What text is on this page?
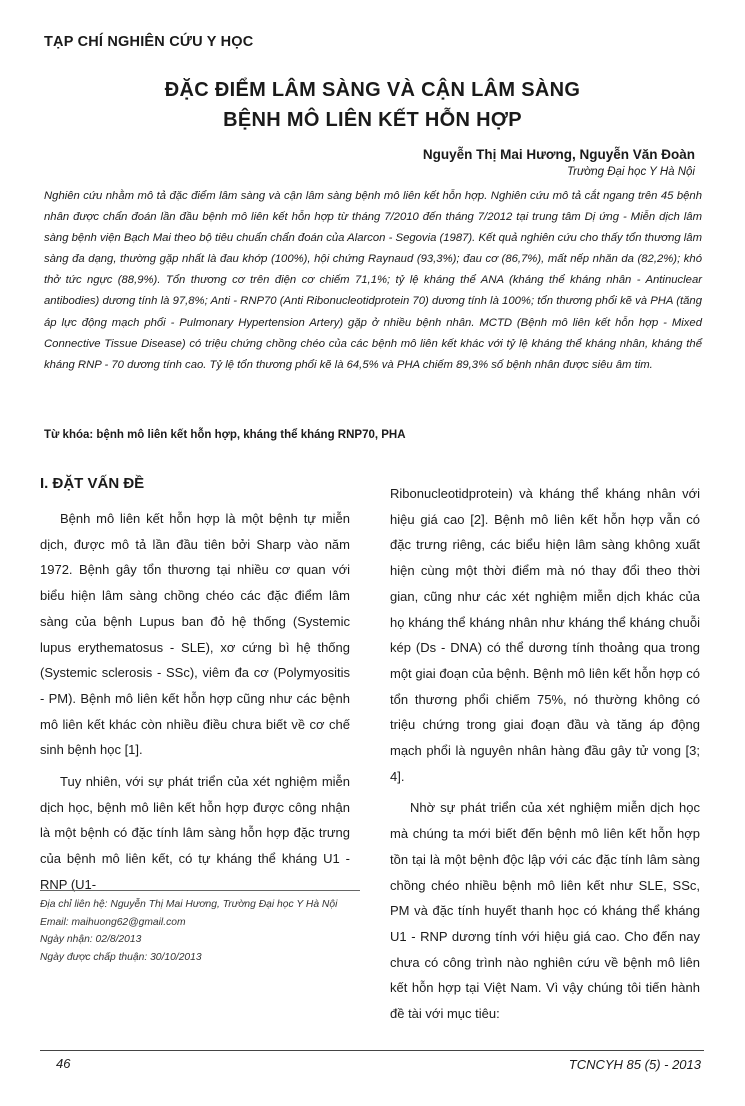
TẠP CHÍ NGHIÊN CỨU Y HỌC
ĐẶC ĐIỂM LÂM SÀNG VÀ CẬN LÂM SÀNG
BỆNH MÔ LIÊN KẾT HỖN HỢP
Nguyễn Thị Mai Hương, Nguyễn Văn Đoàn
Trường Đại học Y Hà Nội
Nghiên cứu nhằm mô tả đặc điểm lâm sàng và cận lâm sàng bệnh mô liên kết hỗn hợp. Nghiên cứu mô tả cắt ngang trên 45 bệnh nhân được chẩn đoán lần đầu bệnh mô liên kết hỗn hợp từ tháng 7/2010 đến tháng 7/2012 tại trung tâm Dị ứng - Miễn dịch lâm sàng bệnh viện Bạch Mai theo bộ tiêu chuẩn chẩn đoán của Alarcon - Segovia (1987). Kết quả nghiên cứu cho thấy tổn thương lâm sàng đa dạng, thường gặp nhất là đau khớp (100%), hội chứng Raynaud (93,3%); đau cơ (86,7%), mất nếp nhăn da (82,2%); khó thở tức ngực (88,9%). Tổn thương cơ trên điện cơ chiếm 71,1%; tỷ lệ kháng thể ANA (kháng thể kháng nhân - Antinuclear antibodies) dương tính là 97,8%; Anti - RNP70 (Anti Ribonucleotidprotein 70) dương tính là 100%; tổn thương phổi kẽ và PHA (tăng áp lực động mạch phổi - Pulmonary Hypertension Artery) gặp ở nhiều bệnh nhân. MCTD (Bệnh mô liên kết hỗn hợp - Mixed Connective Tissue Disease) có triệu chứng chồng chéo của các bệnh mô liên kết khác với tỷ lệ kháng thể kháng nhân, kháng thể kháng RNP - 70 dương tính cao. Tỷ lệ tổn thương phổi kẽ là 64,5% và PHA chiếm 89,3% số bệnh nhân được siêu âm tim.
Từ khóa: bệnh mô liên kết hỗn hợp, kháng thể kháng RNP70, PHA
I. ĐẶT VẤN ĐỀ

Bệnh mô liên kết hỗn hợp là một bệnh tự miễn dịch, được mô tả lần đầu tiên bởi Sharp vào năm 1972. Bệnh gây tổn thương tại nhiều cơ quan với biểu hiện lâm sàng chồng chéo các đặc điểm lâm sàng của bệnh Lupus ban đỏ hệ thống (Systemic lupus erythematosus - SLE), xơ cứng bì hệ thống (Systemic sclerosis - SSc), viêm đa cơ (Polymyositis - PM). Bệnh mô liên kết hỗn hợp cũng như các bệnh mô liên kết khác còn nhiều điều chưa biết về cơ chế sinh bệnh học [1].

Tuy nhiên, với sự phát triển của xét nghiệm miễn dịch học, bệnh mô liên kết hỗn hợp được công nhận là một bệnh có đặc tính lâm sàng hỗn hợp đặc trưng của bệnh mô liên kết, có tự kháng thể kháng U1 - RNP (U1-

Ribonucleotidprotein) và kháng thể kháng nhân với hiệu giá cao [2]. Bệnh mô liên kết hỗn hợp vẫn có đặc trưng riêng, các biểu hiện lâm sàng không xuất hiện cùng một thời điểm mà nó thay đổi theo thời gian, cũng như các xét nghiệm miễn dịch khác của họ kháng thể kháng nhân như kháng thể kháng chuỗi kép (Ds - DNA) có thể dương tính thoảng qua trong một giai đoạn của bệnh. Bệnh mô liên kết hỗn hợp có tổn thương phổi chiếm 75%, nó thường không có triệu chứng trong giai đoạn đầu và tăng áp động mạch phổi là nguyên nhân hàng đầu gây tử vong [3; 4].

Nhờ sự phát triển của xét nghiệm miễn dịch học mà chúng ta mới biết đến bệnh mô liên kết hỗn hợp tồn tại là một bệnh độc lập với các đặc tính lâm sàng chồng chéo nhiều bệnh mô liên kết như SLE, SSc, PM và đặc tính huyết thanh học có kháng thể kháng U1 - RNP dương tính với hiệu giá cao. Cho đến nay chưa có công trình nào nghiên cứu về bệnh mô liên kết hỗn hợp tại Việt Nam. Vì vậy chúng tôi tiến hành đề tài với mục tiêu:

Địa chỉ liên hệ: Nguyễn Thị Mai Hương, Trường Đại học Y Hà Nội
Email: maihuong62@gmail.com
Ngày nhận: 02/8/2013
Ngày được chấp thuận: 30/10/2013
46	TCNCYH 85 (5) - 2013
